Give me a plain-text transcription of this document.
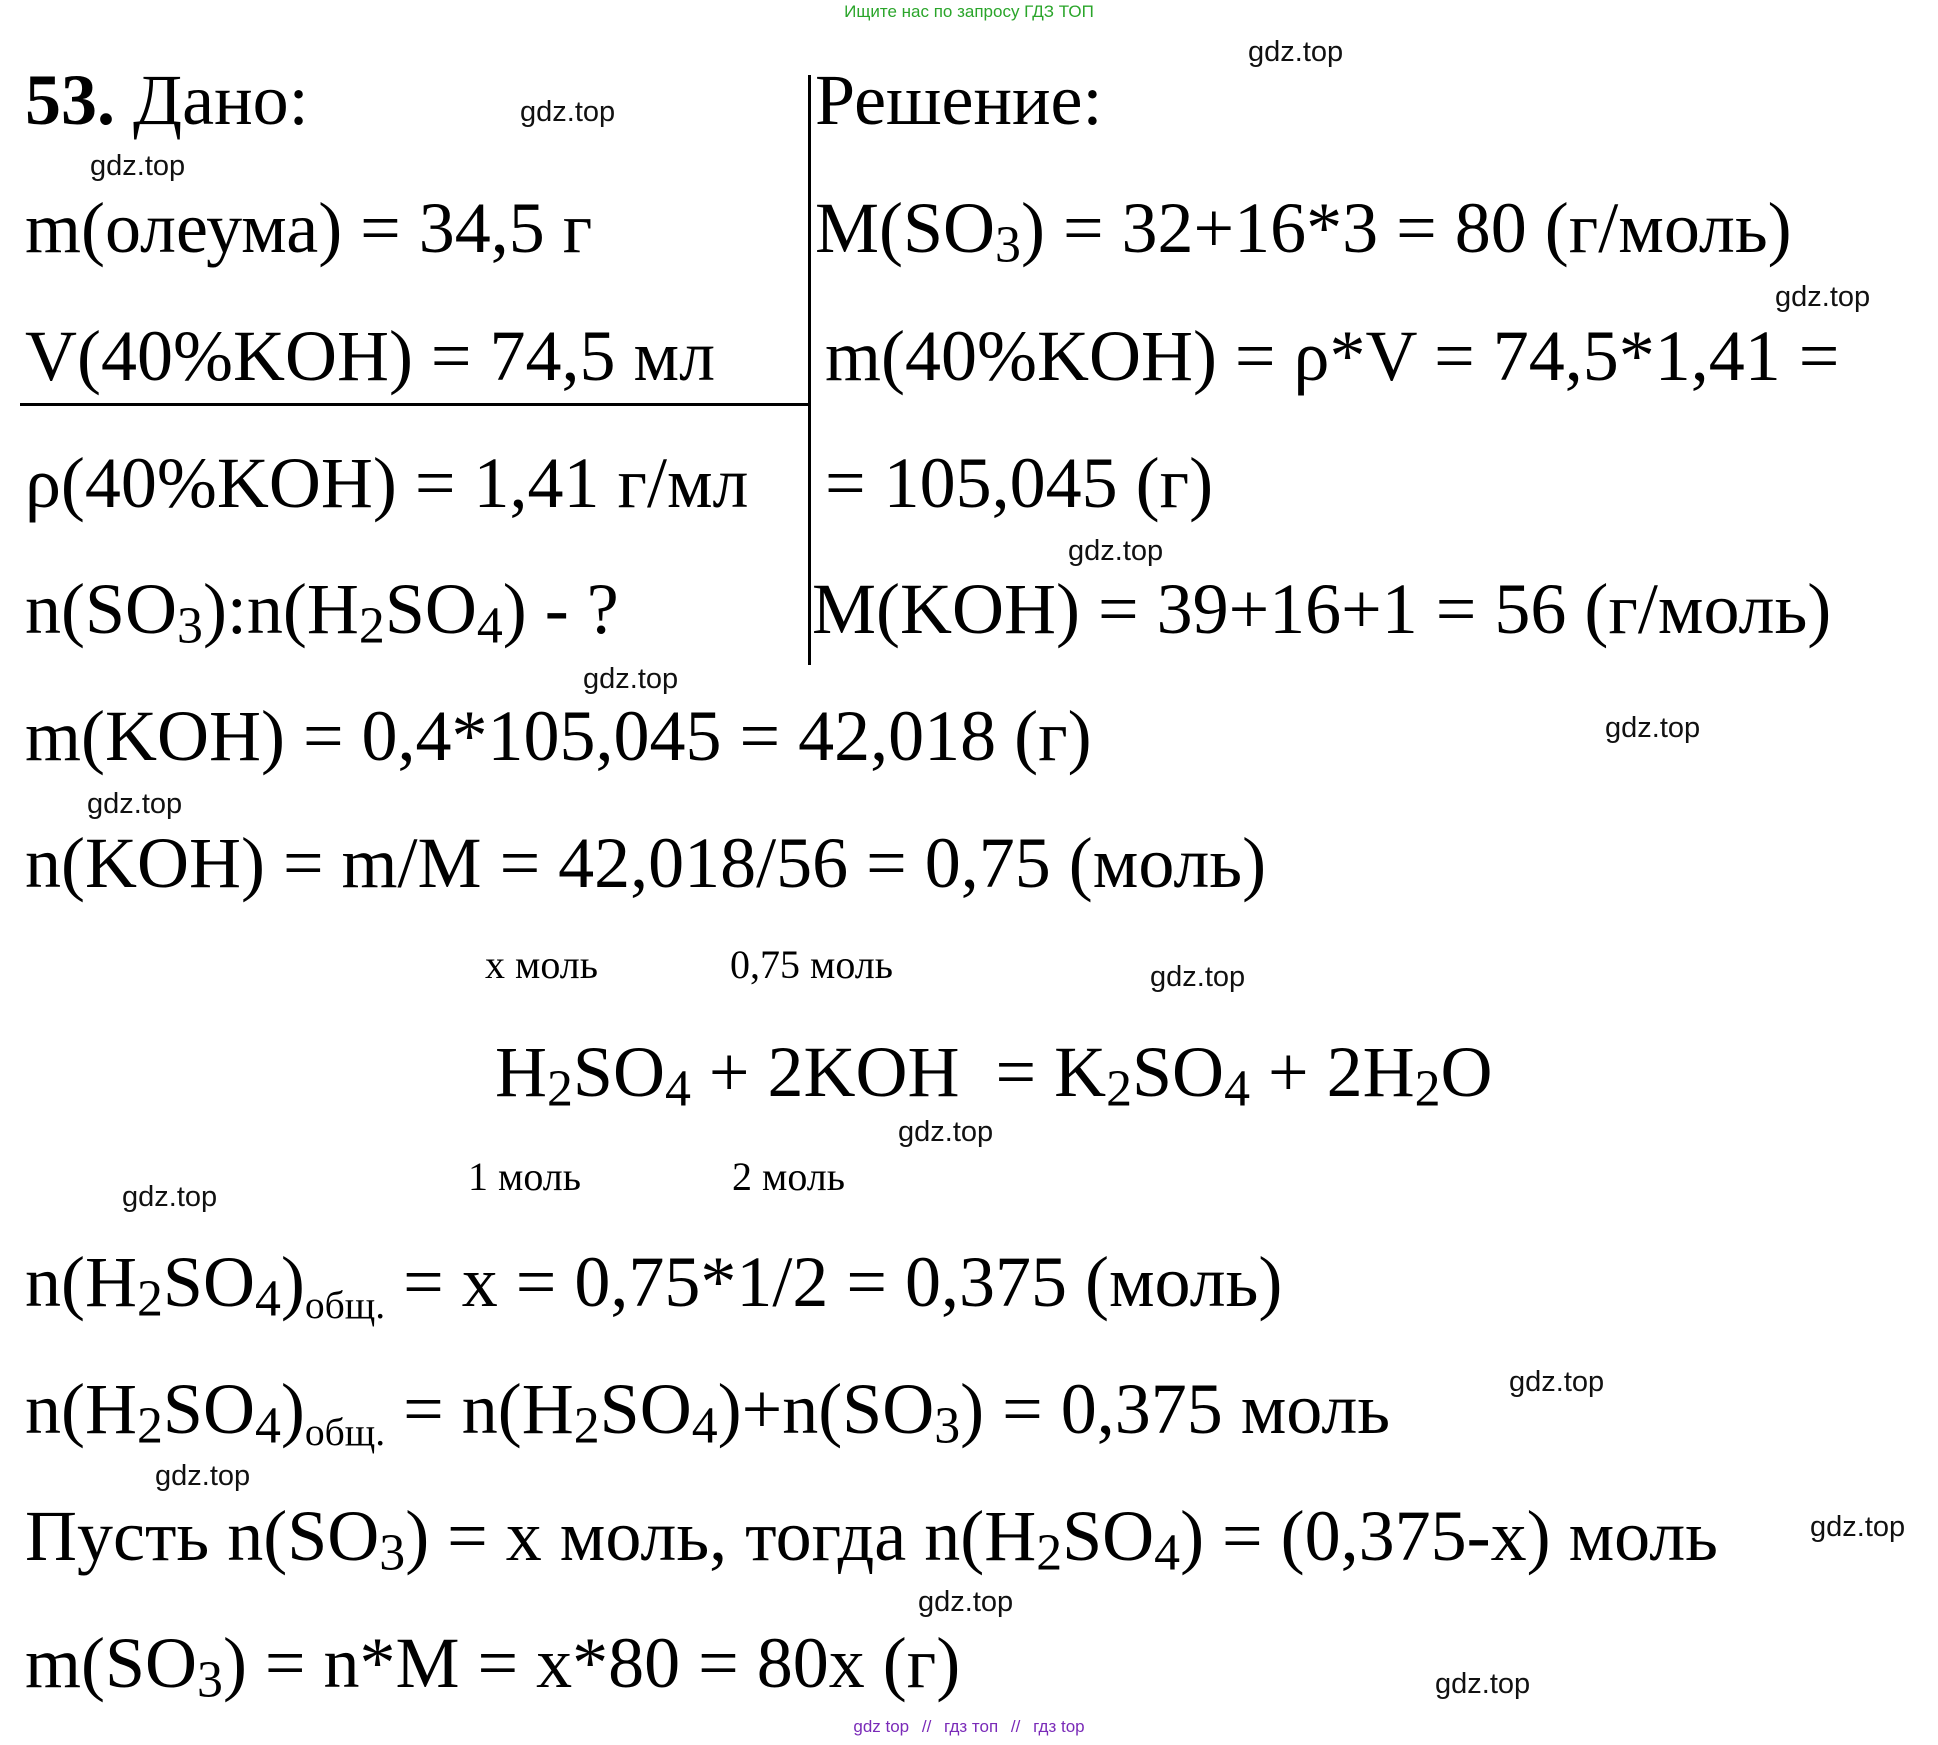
Ищите нас по запросу ГДЗ ТОП
53. Дано:	Решение:
m(олеума) = 34,5 г
V(40%KOH) = 74,5 мл
ρ(40%KOH) = 1,41 г/мл
n(SO3):n(H2SO4) - ?
M(SO3) = 32+16*3 = 80 (г/моль)
m(40%KOH) = ρ*V = 74,5*1,41 =
= 105,045 (г)
M(KOH) = 39+16+1 = 56 (г/моль)
m(KOH) = 0,4*105,045 = 42,018 (г)
n(KOH) = m/M = 42,018/56 = 0,75 (моль)
х моль	0,75 моль
H2SO4 + 2KOH  = K2SO4 + 2H2O
1 моль	2 моль
n(H2SO4)общ. = x = 0,75*1/2 = 0,375 (моль)
n(H2SO4)общ. = n(H2SO4)+n(SO3) = 0,375 моль
Пусть n(SO3) = x моль, тогда n(H2SO4) = (0,375-x) моль
m(SO3) = n*M = x*80 = 80x (г)
gdz.top
gdz.top
gdz.top
gdz.top
gdz.top
gdz.top
gdz.top
gdz.top
gdz.top
gdz.top
gdz.top
gdz.top
gdz.top
gdz.top
gdz.top
gdz.top
gdz top // гдз топ // гдз top
